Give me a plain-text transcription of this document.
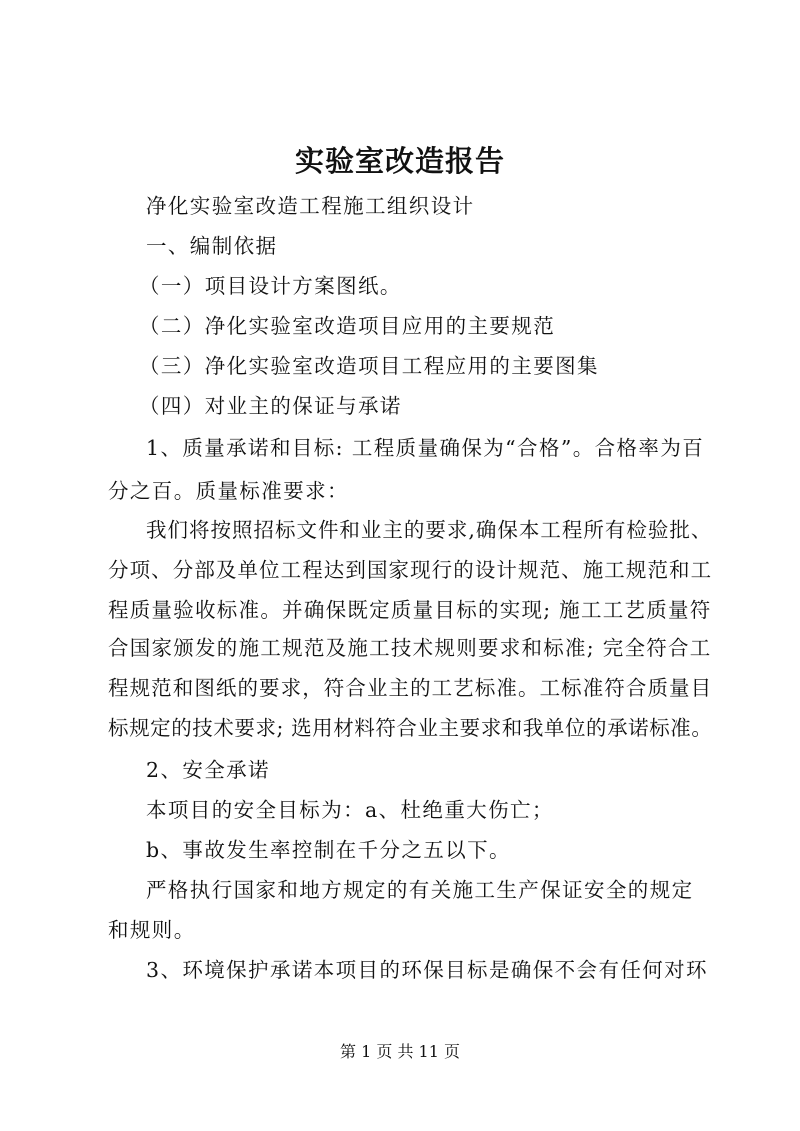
实验室改造报告
净化实验室改造工程施工组织设计
一、编制依据
（一）项目设计方案图纸。
（二）净化实验室改造项目应用的主要规范
（三）净化实验室改造项目工程应用的主要图集
（四）对业主的保证与承诺
1、质量承诺和目标: 工程质量确保为“合格”。合格率为百
分之百。质量标准要求：
我们将按照招标文件和业主的要求,确保本工程所有检验批、
分项、分部及单位工程达到国家现行的设计规范、施工规范和工
程质量验收标准。并确保既定质量目标的实现; 施工工艺质量符
合国家颁发的施工规范及施工技术规则要求和标准; 完全符合工
程规范和图纸的要求，符合业主的工艺标准。工标准符合质量目
标规定的技术要求; 选用材料符合业主要求和我单位的承诺标准。
2、安全承诺
本项目的安全目标为：a、杜绝重大伤亡；
b、事故发生率控制在千分之五以下。
严格执行国家和地方规定的有关施工生产保证安全的规定
和规则。
3、环境保护承诺本项目的环保目标是确保不会有任何对环
第 1 页 共 11 页
